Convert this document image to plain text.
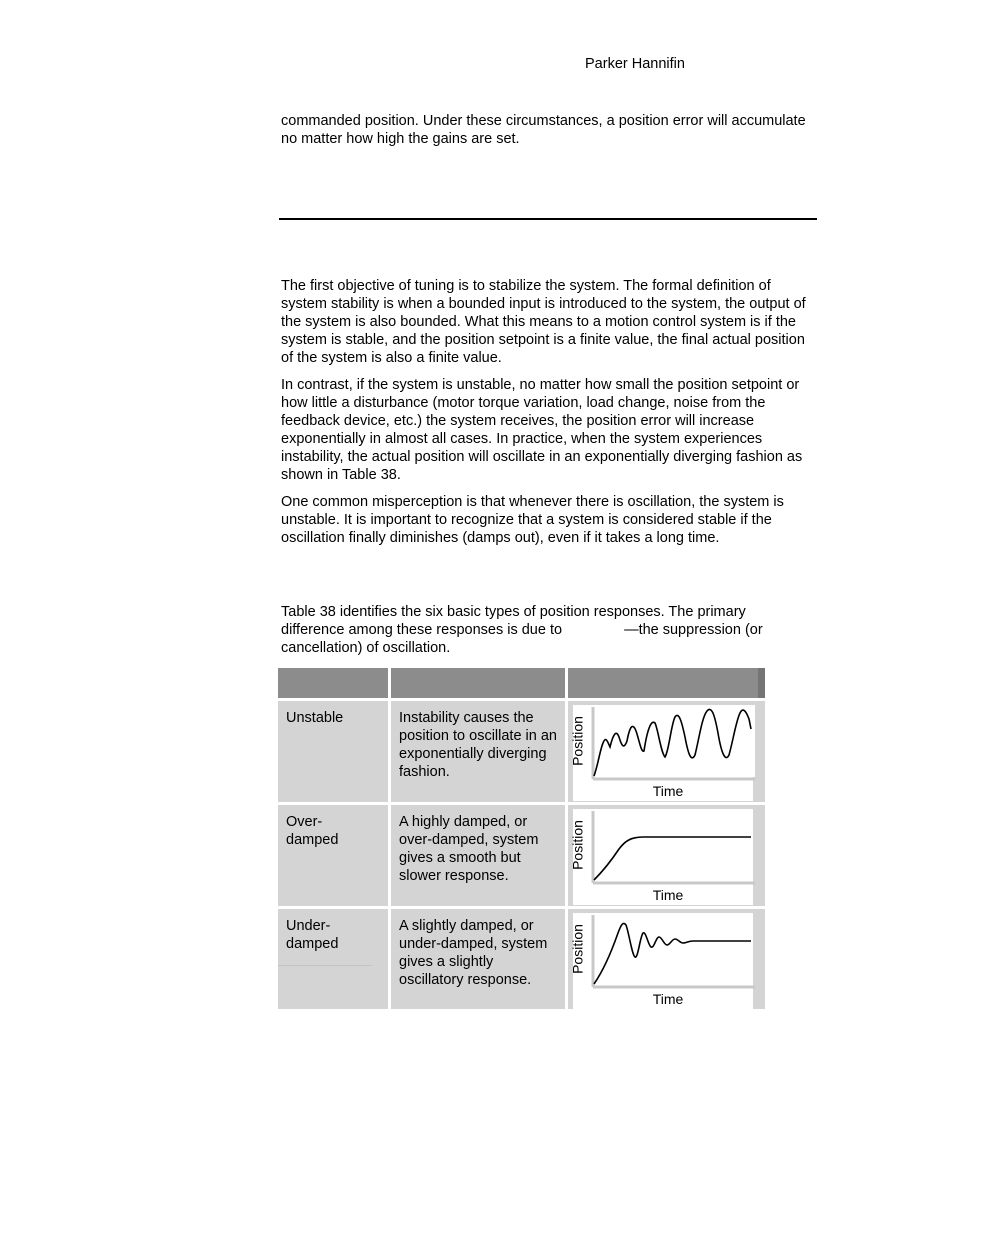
Parker Hannifin
commanded position. Under these circumstances, a position error will accumulate no matter how high the gains are set.
The first objective of tuning is to stabilize the system. The formal definition of system stability is when a bounded input is introduced to the system, the output of the system is also bounded. What this means to a motion control system is if the system is stable, and the position setpoint is a finite value, the final actual position of the system is also a finite value.
In contrast, if the system is unstable, no matter how small the position setpoint or how little a disturbance (motor torque variation, load change, noise from the feedback device, etc.) the system receives, the position error will increase exponentially in almost all cases. In practice, when the system experiences instability, the actual position will oscillate in an exponentially diverging fashion as shown in Table 38.
One common misperception is that whenever there is oscillation, the system is unstable. It is important to recognize that a system is considered stable if the oscillation finally diminishes (damps out), even if it takes a long time.
Table 38 identifies the six basic types of position responses. The primary difference among these responses is due to	—the suppression (or cancellation) of oscillation.

Unstable	Instability causes the position to oscillate in an exponentially diverging fashion.	Position
Time

Over-
damped	A highly damped, or over-damped, system gives a smooth but slower response.	Position
Time

Under-
damped	A slightly damped, or under-damped, system gives a slightly oscillatory response.	Position
Time
